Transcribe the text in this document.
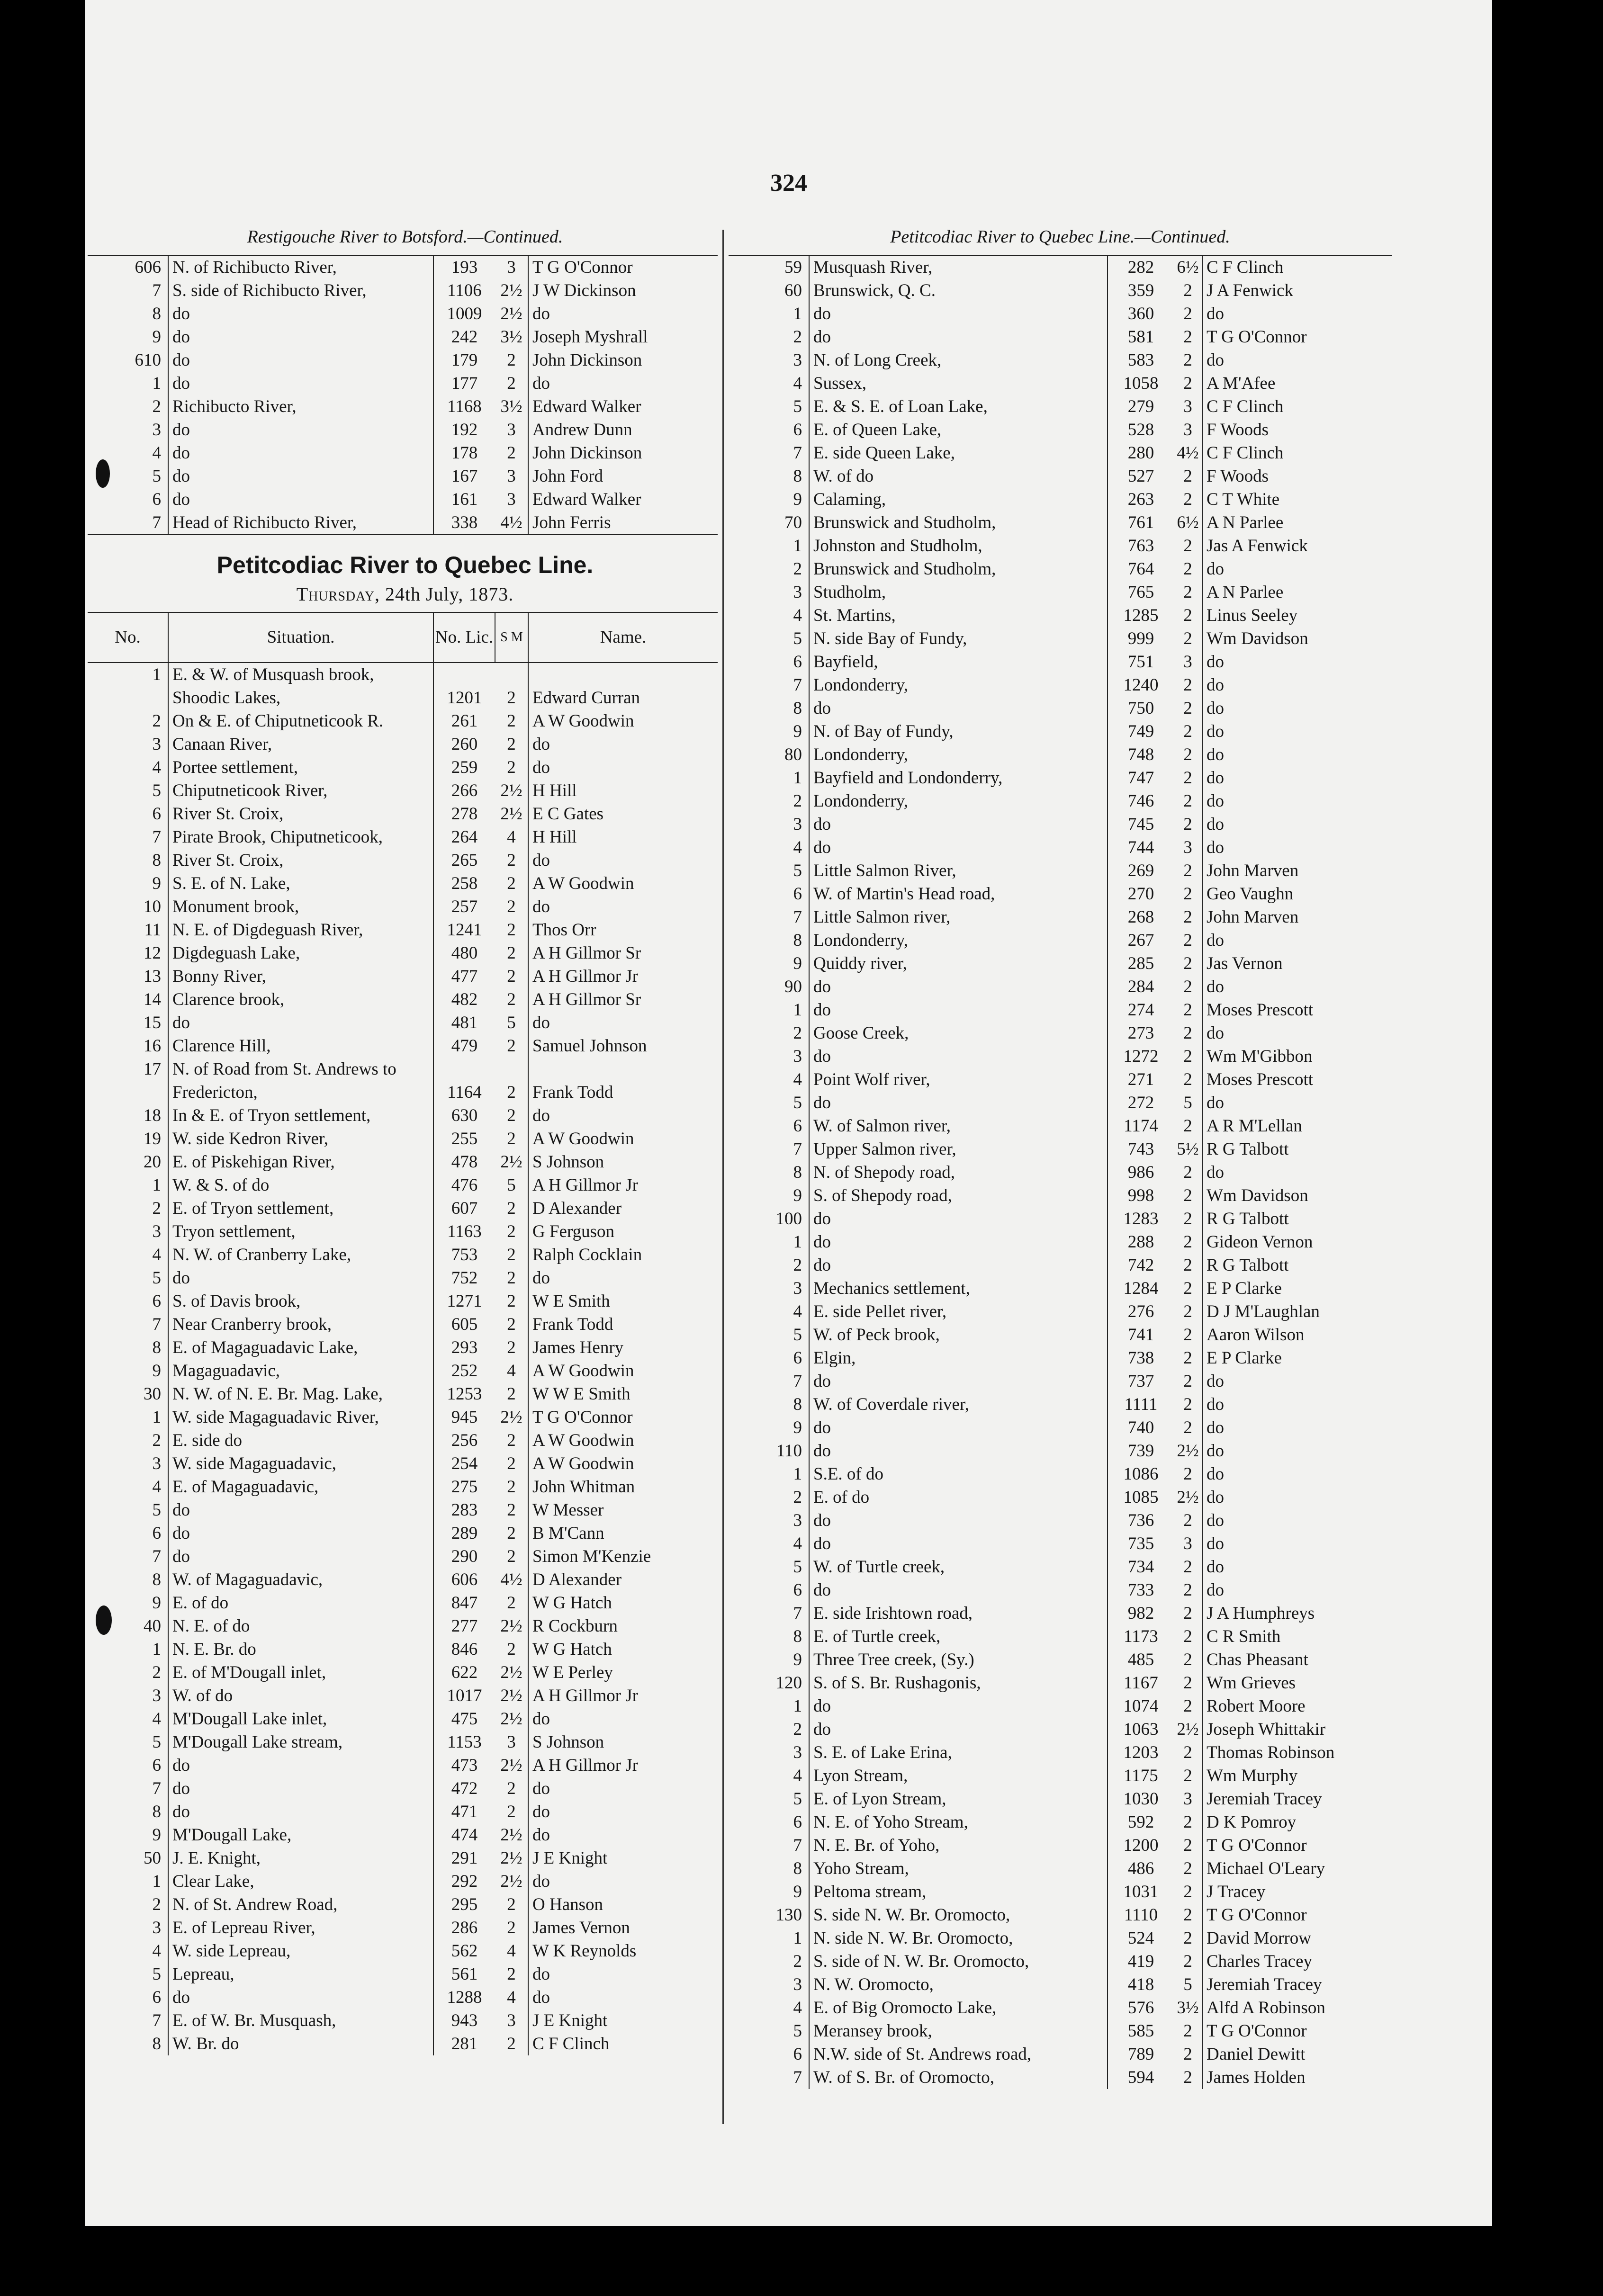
324
Restigouche River to Botsford.—Continued.
606	N. of Richibucto River,	193	3	T G O'Connor
7	S. side of Richibucto River,	1106	2½	J W Dickinson
8	do	1009	2½	do
9	do	242	3½	Joseph Myshrall
610	do	179	2	John Dickinson
1	do	177	2	do
2	Richibucto River,	1168	3½	Edward Walker
3	do	192	3	Andrew Dunn
4	do	178	2	John Dickinson
5	do	167	3	John Ford
6	do	161	3	Edward Walker
7	Head of Richibucto River,	338	4½	John Ferris
Petitcodiac River to Quebec Line.
Thursday, 24th July, 1873.
No.	Situation.	No. Lic.	S M	Name.
1	E. & W. of Musquash brook,			
	Shoodic Lakes,	1201	2	Edward Curran
2	On & E. of Chiputneticook R.	261	2	A W Goodwin
3	Canaan River,	260	2	do
4	Portee settlement,	259	2	do
5	Chiputneticook River,	266	2½	H Hill
6	River St. Croix,	278	2½	E C Gates
7	Pirate Brook, Chiputneticook,	264	4	H Hill
8	River St. Croix,	265	2	do
9	S. E. of N. Lake,	258	2	A W Goodwin
10	Monument brook,	257	2	do
11	N. E. of Digdeguash River,	1241	2	Thos Orr
12	Digdeguash Lake,	480	2	A H Gillmor Sr
13	Bonny River,	477	2	A H Gillmor Jr
14	Clarence brook,	482	2	A H Gillmor Sr
15	do	481	5	do
16	Clarence Hill,	479	2	Samuel Johnson
17	N. of Road from St. Andrews to			
	Fredericton,	1164	2	Frank Todd
18	In & E. of Tryon settlement,	630	2	do
19	W. side Kedron River,	255	2	A W Goodwin
20	E. of Piskehigan River,	478	2½	S Johnson
1	W. & S. of do	476	5	A H Gillmor Jr
2	E. of Tryon settlement,	607	2	D Alexander
3	Tryon settlement,	1163	2	G Ferguson
4	N. W. of Cranberry Lake,	753	2	Ralph Cocklain
5	do	752	2	do
6	S. of Davis brook,	1271	2	W E Smith
7	Near Cranberry brook,	605	2	Frank Todd
8	E. of Magaguadavic Lake,	293	2	James Henry
9	Magaguadavic,	252	4	A W Goodwin
30	N. W. of N. E. Br. Mag. Lake,	1253	2	W W E Smith
1	W. side Magaguadavic River,	945	2½	T G O'Connor
2	E. side do	256	2	A W Goodwin
3	W. side Magaguadavic,	254	2	A W Goodwin
4	E. of Magaguadavic,	275	2	John Whitman
5	do	283	2	W Messer
6	do	289	2	B M'Cann
7	do	290	2	Simon M'Kenzie
8	W. of Magaguadavic,	606	4½	D Alexander
9	E. of do	847	2	W G Hatch
40	N. E. of do	277	2½	R Cockburn
1	N. E. Br. do	846	2	W G Hatch
2	E. of M'Dougall inlet,	622	2½	W E Perley
3	W. of do	1017	2½	A H Gillmor Jr
4	M'Dougall Lake inlet,	475	2½	do
5	M'Dougall Lake stream,	1153	3	S Johnson
6	do	473	2½	A H Gillmor Jr
7	do	472	2	do
8	do	471	2	do
9	M'Dougall Lake,	474	2½	do
50	J. E. Knight,	291	2½	J E Knight
1	Clear Lake,	292	2½	do
2	N. of St. Andrew Road,	295	2	O Hanson
3	E. of Lepreau River,	286	2	James Vernon
4	W. side Lepreau,	562	4	W K Reynolds
5	Lepreau,	561	2	do
6	do	1288	4	do
7	E. of W. Br. Musquash,	943	3	J E Knight
8	W. Br. do	281	2	C F Clinch
Petitcodiac River to Quebec Line.—Continued.
59	Musquash River,	282	6½	C F Clinch
60	Brunswick, Q. C.	359	2	J A Fenwick
1	do	360	2	do
2	do	581	2	T G O'Connor
3	N. of Long Creek,	583	2	do
4	Sussex,	1058	2	A M'Afee
5	E. & S. E. of Loan Lake,	279	3	C F Clinch
6	E. of Queen Lake,	528	3	F Woods
7	E. side Queen Lake,	280	4½	C F Clinch
8	W. of do	527	2	F Woods
9	Calaming,	263	2	C T White
70	Brunswick and Studholm,	761	6½	A N Parlee
1	Johnston and Studholm,	763	2	Jas A Fenwick
2	Brunswick and Studholm,	764	2	do
3	Studholm,	765	2	A N Parlee
4	St. Martins,	1285	2	Linus Seeley
5	N. side Bay of Fundy,	999	2	Wm Davidson
6	Bayfield,	751	3	do
7	Londonderry,	1240	2	do
8	do	750	2	do
9	N. of Bay of Fundy,	749	2	do
80	Londonderry,	748	2	do
1	Bayfield and Londonderry,	747	2	do
2	Londonderry,	746	2	do
3	do	745	2	do
4	do	744	3	do
5	Little Salmon River,	269	2	John Marven
6	W. of Martin's Head road,	270	2	Geo Vaughn
7	Little Salmon river,	268	2	John Marven
8	Londonderry,	267	2	do
9	Quiddy river,	285	2	Jas Vernon
90	do	284	2	do
1	do	274	2	Moses Prescott
2	Goose Creek,	273	2	do
3	do	1272	2	Wm M'Gibbon
4	Point Wolf river,	271	2	Moses Prescott
5	do	272	5	do
6	W. of Salmon river,	1174	2	A R M'Lellan
7	Upper Salmon river,	743	5½	R G Talbott
8	N. of Shepody road,	986	2	do
9	S. of Shepody road,	998	2	Wm Davidson
100	do	1283	2	R G Talbott
1	do	288	2	Gideon Vernon
2	do	742	2	R G Talbott
3	Mechanics settlement,	1284	2	E P Clarke
4	E. side Pellet river,	276	2	D J M'Laughlan
5	W. of Peck brook,	741	2	Aaron Wilson
6	Elgin,	738	2	E P Clarke
7	do	737	2	do
8	W. of Coverdale river,	1111	2	do
9	do	740	2	do
110	do	739	2½	do
1	S.E. of do	1086	2	do
2	E. of do	1085	2½	do
3	do	736	2	do
4	do	735	3	do
5	W. of Turtle creek,	734	2	do
6	do	733	2	do
7	E. side Irishtown road,	982	2	J A Humphreys
8	E. of Turtle creek,	1173	2	C R Smith
9	Three Tree creek, (Sy.)	485	2	Chas Pheasant
120	S. of S. Br. Rushagonis,	1167	2	Wm Grieves
1	do	1074	2	Robert Moore
2	do	1063	2½	Joseph Whittakir
3	S. E. of Lake Erina,	1203	2	Thomas Robinson
4	Lyon Stream,	1175	2	Wm Murphy
5	E. of Lyon Stream,	1030	3	Jeremiah Tracey
6	N. E. of Yoho Stream,	592	2	D K Pomroy
7	N. E. Br. of Yoho,	1200	2	T G O'Connor
8	Yoho Stream,	486	2	Michael O'Leary
9	Peltoma stream,	1031	2	J Tracey
130	S. side N. W. Br. Oromocto,	1110	2	T G O'Connor
1	N. side N. W. Br. Oromocto,	524	2	David Morrow
2	S. side of N. W. Br. Oromocto,	419	2	Charles Tracey
3	N. W. Oromocto,	418	5	Jeremiah Tracey
4	E. of Big Oromocto Lake,	576	3½	Alfd A Robinson
5	Meransey brook,	585	2	T G O'Connor
6	N.W. side of St. Andrews road,	789	2	Daniel Dewitt
7	W. of S. Br. of Oromocto,	594	2	James Holden
